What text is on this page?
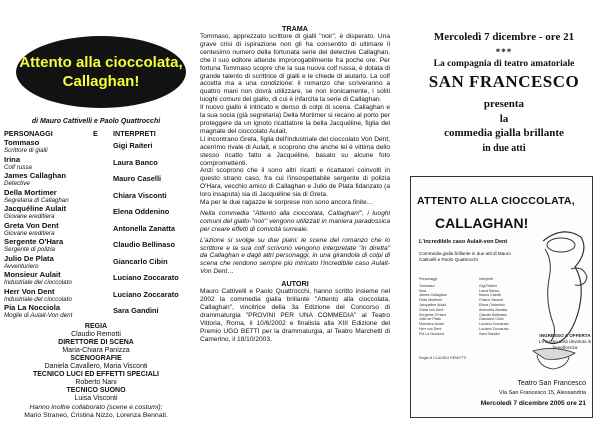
Attento alla cioccolata,
Callaghan!
di Mauro Cattivelli e Paolo Quattrocchi
PERSONAGGI	E INTERPRETI
Tommaso
Scrittore di gialli
Gigi Raiteri
Irina
Colf russa
Laura Banco
James Callaghan
Detective
Mauro Caselli
Della Mortimer
Segretaria di Callaghan
Chiara Visconti
Jacquéline Aulait
Giovane ereditiera
Elena Oddenino
Greta Von Dent
Giovane ereditiera
Antonella Zanatta
Sergente O'Hara
Sergente di polizia
Claudio Bellinaso
Julio De Plata
Avventuriero
Giancarlo Cibin
Monsieur Aulait
Industriale del cioccolato
Luciano Zoccarato
Herr Von Dent
Industriale del cioccolato
Luciano Zoccarato
Pia La Nocciola
Moglie di Aulait-Von dent
Sara Gandini
REGIA
Claudio Remotti
DIRETTORE DI SCENA
Maria-Chiara Panizza
SCENOGRAFIE
Daniela Cavallero, Maria Visconti
TECNICO LUCI ED EFFETTI SPECIALI
Roberto Nani
TECNICO SUONO
Luisa Visconti
Hanno inoltre collaborato (scene e costumi):
Mario Straneo, Cristina Nizzo, Lorenza Bennati.
TRAMA

Tommaso, apprezzato scrittore di gialli "noir", è disperato. Una grave crisi di ispirazione non gli ha consentito di ultimare il centesimo numero della fortunata serie del detective Callaghan, che il suo editore attende improrogabilmente fra poche ore. Per fortuna Tommaso scopre che la sua nuova colf russa, è dotata di grande talento di scrittrice di gialli e le chiede di aiutarlo. La colf accetta ma a una condizione: il romanzo che scriveranno a quattro mani non dovrà utilizzare, se non ironicamente, i soliti luoghi comuni del giallo, di cui è infarcita la serie di Callaghan.

Il nuovo giallo è intricato e denso di colpi di scena. Callaghan e la sua socia (già segretaria) Della Mortimer si recano al porto per proteggere da un ignoto ricattatore la bella Jacquéline, figlia del magnate del cioccolato Aulait.

Lì incontrano Greta, figlia dell'industriale del cioccolato Von Dent, acerrimo rivale di Aulait, e scoprono che anche lei è vittima dello stesso ricatto fatto a Jacquéline, basato su alcune foto compromettenti.

Anzi scoprono che il sono altri ricatti e ricattatori coinvolti in questo strano caso, fra cui l'insospettabile sergente di polizia O'Hara, vecchio amico di Callaghan e Julio de Plata fidanzato (a loro insaputa) sia di Jacquéline sia di Greta.

Ma per le due ragazze le sorprese non sono ancora finite…

Nella commedia "Attento alla cioccolata, Callaghan!", i luoghi comuni del giallo-"noir" vengono utilizzati in maniera paradossica per creare effetti di comicità surreale.

L'azione si svolge su due piani: le scene del romanzo che lo scrittore e la sua colf scrivono vengono interpretate "in diretta" da Callaghan e dagli altri personaggi, in una girandola di colpi di scena che rendono sempre più intricato l'incredibile caso Aulait-Von Dent…

AUTORI
Mauro Cattivelli e Paolo Quattrocchi, hanno scritto insieme nel 2002 la commedia gialla brillante "Attento alla cioccolata, Callaghan", vincitrice della 3a Edizione del Concorso di drammaturgia "PROVINI PER UNA COMMEDIA" al Teatro Vittoria, Roma, il 10/6/2002 e finalista alla XIII Edizione del Premio UGO BETTI per la drammaturgia, al Teatro Marchetti di Camerino, il 18/10/2003.
Mercoledì 7 dicembre - ore 21
***
La compagnia di teatro amatoriale
SAN FRANCESCO
presenta
la
commedia gialla brillante
in due atti
ATTENTO ALLA CIOCCOLATA,
CALLAGHAN!
L'incredibile caso Aulait-von Dent
Commedia gialla brillante in due atti di Mauro Cattivelli e Paolo Quattrocchi
Personaggi
Tommaso
Irina
James Callaghan
Della Mortimer
Jacquéline Aulait
Greta von Dent
Sergente O'Hara
Julio de Plata
Monsieur Aulait
Herr von Dent
Pia La Nocciola
Interpreti
Gigi Raiteri
Laura Banco
Mauro Caselli
Chiara Visconti
Elena Oddenino
Antonella Zanatta
Claudio Bellinaso
Giancarlo Cibin
Luciano Zoccarato
Luciano Zoccarato
Sara Gandini
Regia di CLAUDIO REMOTTI
INGRESSO A OFFERTA
L'incasso sarà devoluto in beneficenza
Teatro San Francesco
Via San Francesco 15, Alessandria
Mercoledì 7 dicembre 2005 ore 21
